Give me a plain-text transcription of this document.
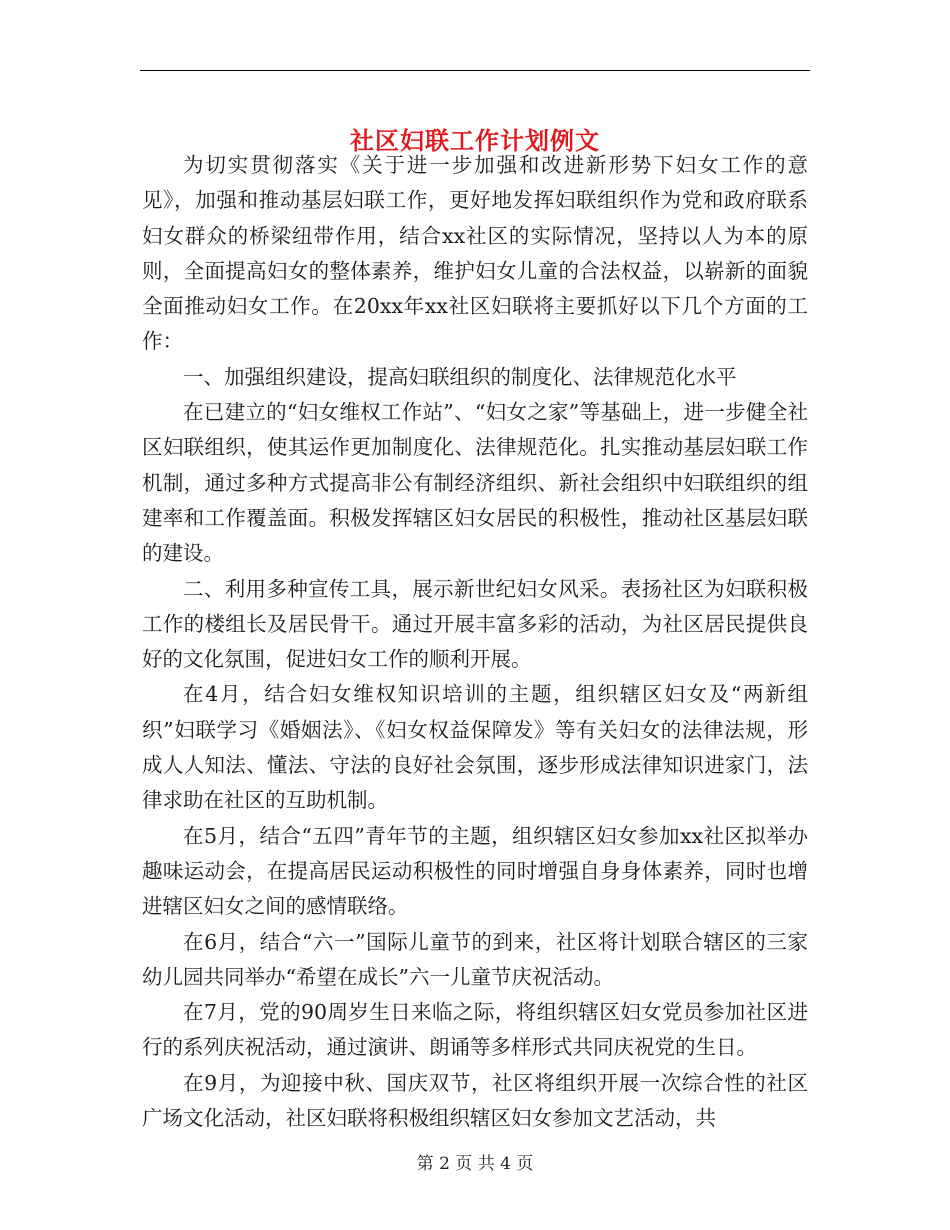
社区妇联工作计划例文

为切实贯彻落实《关于进一步加强和改进新形势下妇女工作的意见》，加强和推动基层妇联工作，更好地发挥妇联组织作为党和政府联系妇女群众的桥梁纽带作用，结合xx社区的实际情况，坚持以人为本的原则，全面提高妇女的整体素养，维护妇女儿童的合法权益，以崭新的面貌全面推动妇女工作。在20xx年xx社区妇联将主要抓好以下几个方面的工作：

一、加强组织建设，提高妇联组织的制度化、法律规范化水平

在已建立的“妇女维权工作站”、“妇女之家”等基础上，进一步健全社区妇联组织，使其运作更加制度化、法律规范化。扎实推动基层妇联工作机制，通过多种方式提高非公有制经济组织、新社会组织中妇联组织的组建率和工作覆盖面。积极发挥辖区妇女居民的积极性，推动社区基层妇联的建设。

二、利用多种宣传工具，展示新世纪妇女风采。表扬社区为妇联积极工作的楼组长及居民骨干。通过开展丰富多彩的活动，为社区居民提供良好的文化氛围，促进妇女工作的顺利开展。

在4月，结合妇女维权知识培训的主题，组织辖区妇女及“两新组织”妇联学习《婚姻法》、《妇女权益保障发》等有关妇女的法律法规，形成人人知法、懂法、守法的良好社会氛围，逐步形成法律知识进家门，法律求助在社区的互助机制。

在5月，结合“五四”青年节的主题，组织辖区妇女参加xx社区拟举办趣味运动会，在提高居民运动积极性的同时增强自身身体素养，同时也增进辖区妇女之间的感情联络。

在6月，结合“六一”国际儿童节的到来，社区将计划联合辖区的三家幼儿园共同举办“希望在成长”六一儿童节庆祝活动。

在7月，党的90周岁生日来临之际，将组织辖区妇女党员参加社区进行的系列庆祝活动，通过演讲、朗诵等多样形式共同庆祝党的生日。

在9月，为迎接中秋、国庆双节，社区将组织开展一次综合性的社区广场文化活动，社区妇联将积极组织辖区妇女参加文艺活动，共

第 2 页 共 4 页
